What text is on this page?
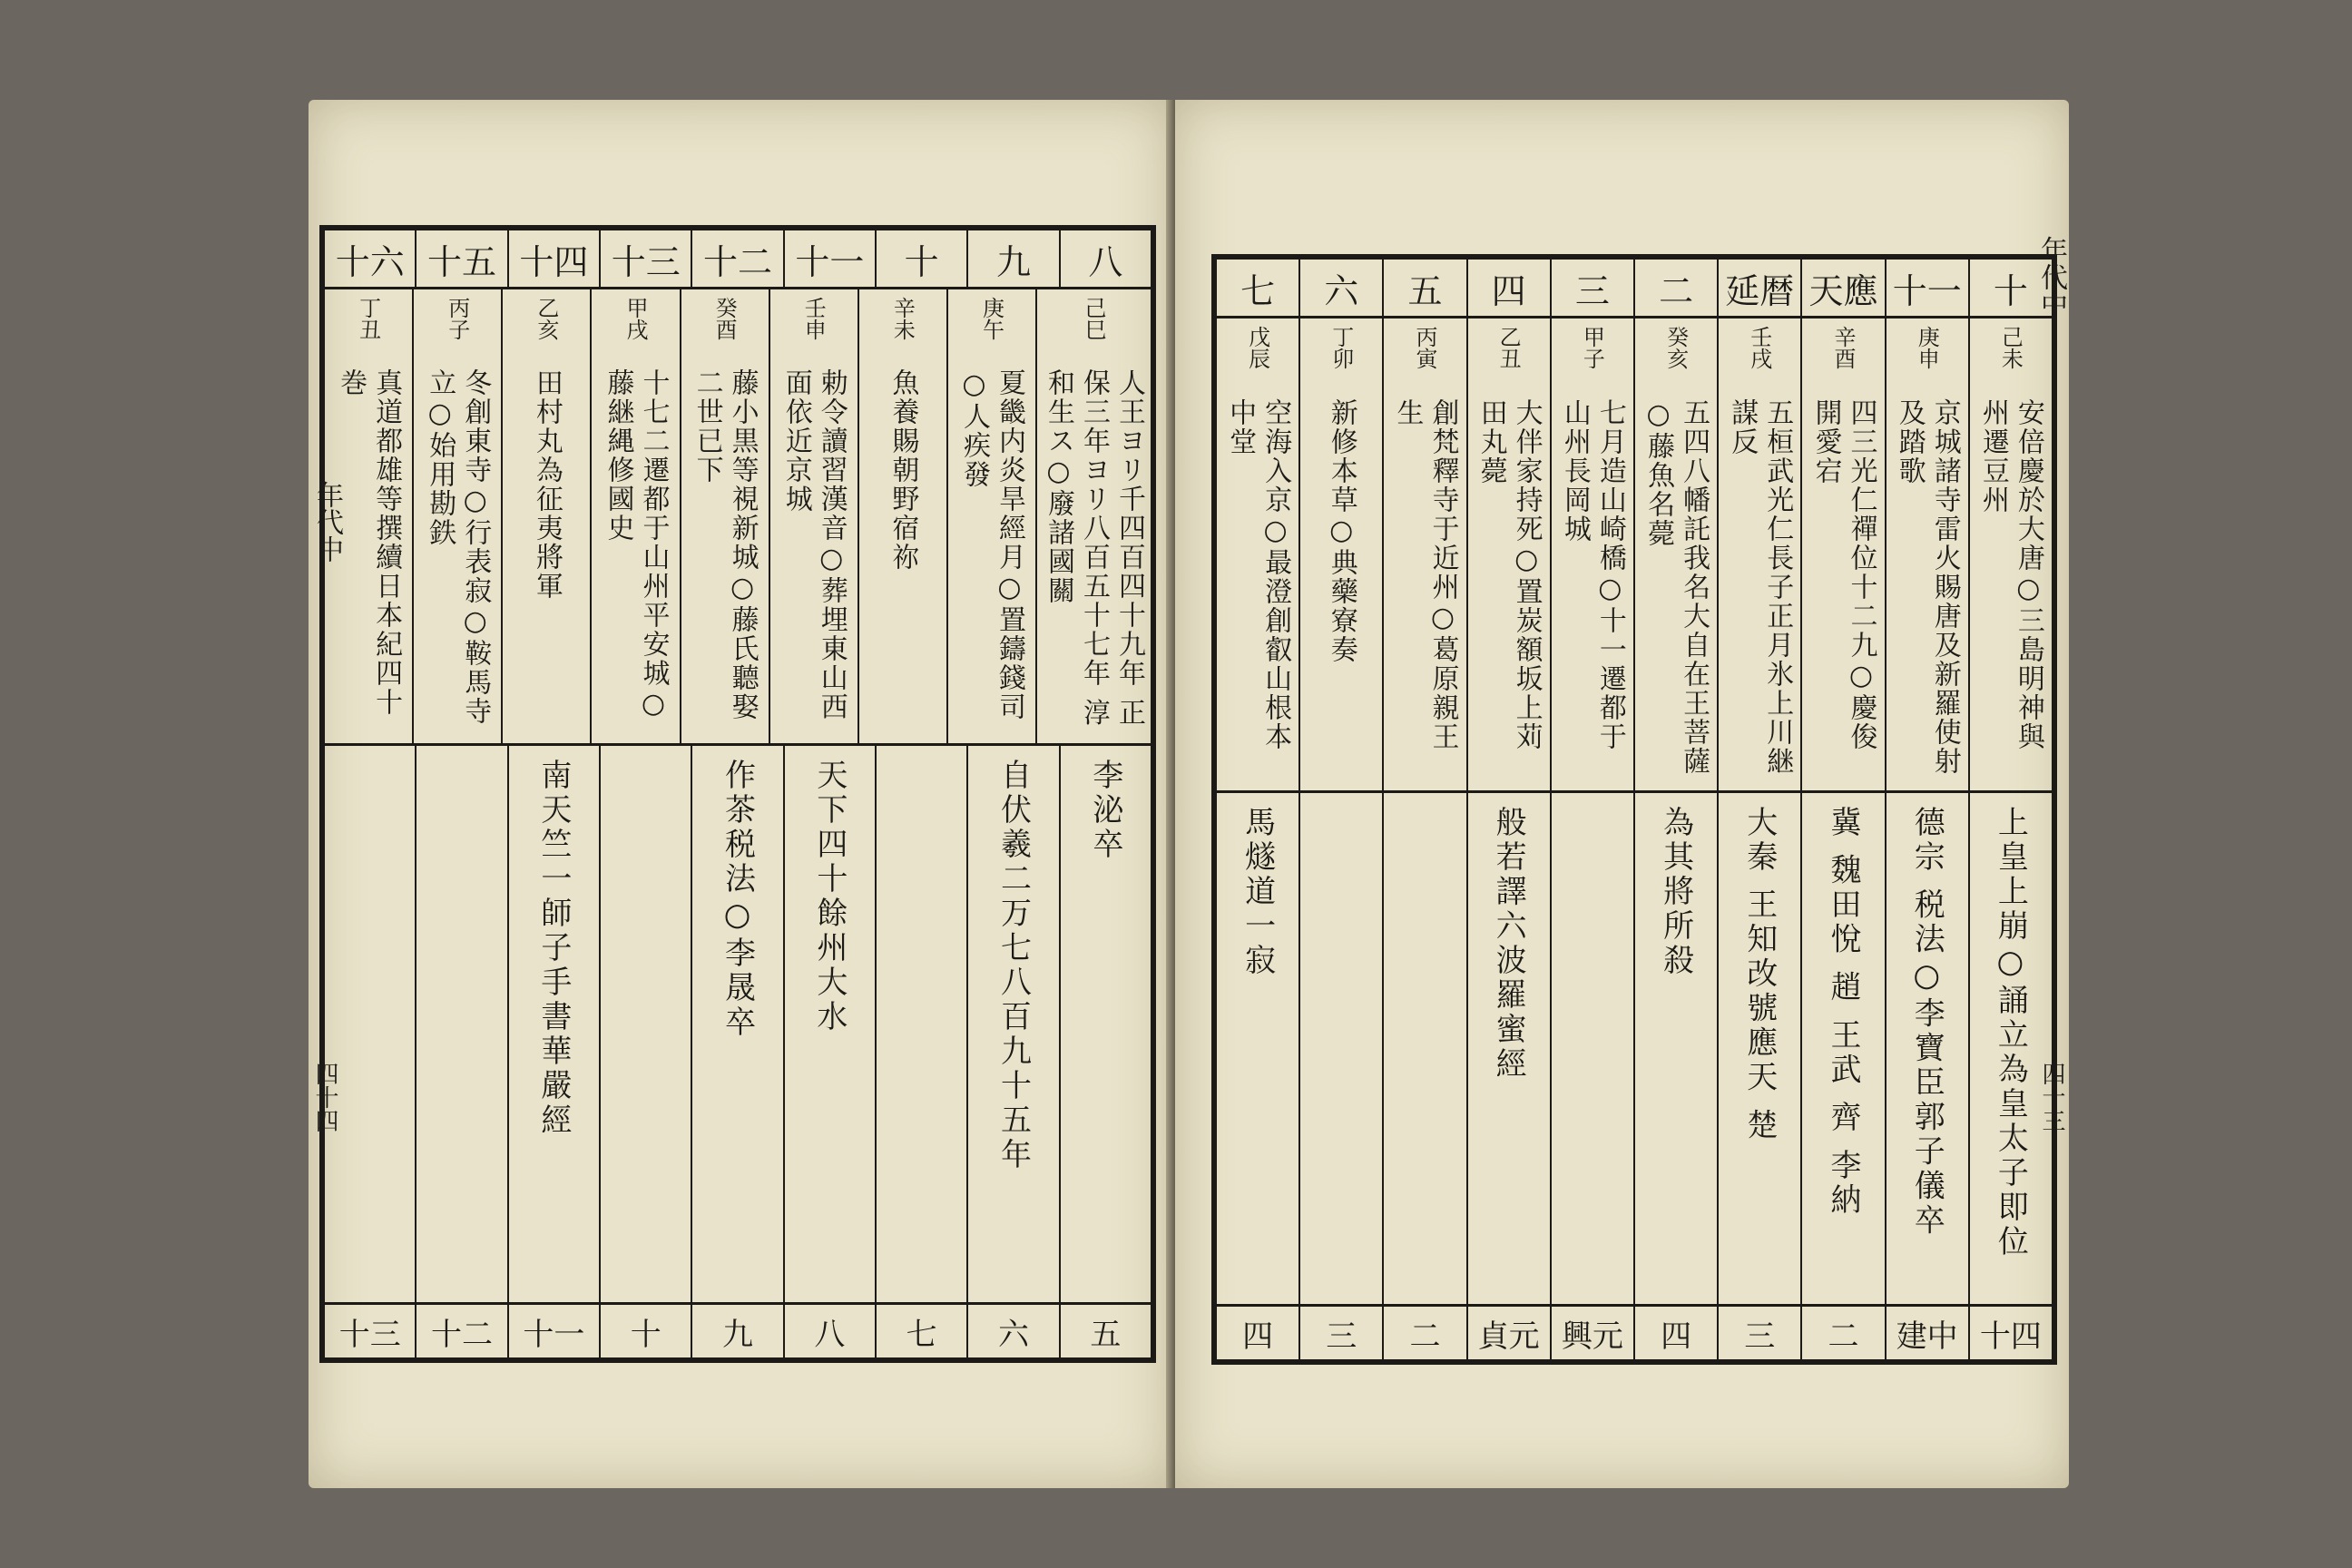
年代中
四十四
八
九
十
十一
十二
十三
十四
十五
十六
己巳
人王ヨリ千四百四十九年 正保三年ヨリ八百五十七年 淳和生ス○廢諸國關
庚午
夏畿内炎旱經月○置鑄錢司○人疾發
辛未
魚養賜朝野宿祢
壬申
勅令讀習漢音○葬埋東山西面依近京城
癸酉
藤小黒等視新城○藤氏聽娶二世已下
甲戌
十七二遷都于山州平安城○藤継縄修國史
乙亥
田村丸為征夷將軍
丙子
冬創東寺○行表寂○鞍馬寺立○始用勘鉄
丁丑
真道都雄等撰續日本紀四十巻
李泌卒
自伏羲二万七八百九十五年
天下四十餘州大水
作茶税法○李晟卒
南天竺一師子手書華嚴經
五
六
七
八
九
十
十一
十二
十三
年代中
四十三
十
十一
天應
延暦
二
三
四
五
六
七
己未
安倍慶於大唐○三島明神與州遷豆州
庚申
京城諸寺雷火賜唐及新羅使射及踏歌
辛酉
四三光仁禪位十二九○慶俊開愛宕
壬戌
五桓武光仁長子正月氷上川継謀反
癸亥
五四八幡託我名大自在王菩薩○藤魚名薨
甲子
七月造山崎橋○十一遷都于山州長岡城
乙丑
大伴家持死○置炭額坂上苅田丸薨
丙寅
創梵釋寺于近州○葛原親王生
丁卯
新修本草○典藥寮奏
戊辰
空海入京○最澄創叡山根本中堂
上皇上崩○誦立為皇太子即位
德宗 税法○李寶臣郭子儀卒
冀 魏田悅 趙 王武 齊 李納
大秦 王知改號應天 楚
為其將所殺
般若譯六波羅蜜經
馬燧道一寂
十四
建中
二
三
四
興元
貞元
二
三
四
